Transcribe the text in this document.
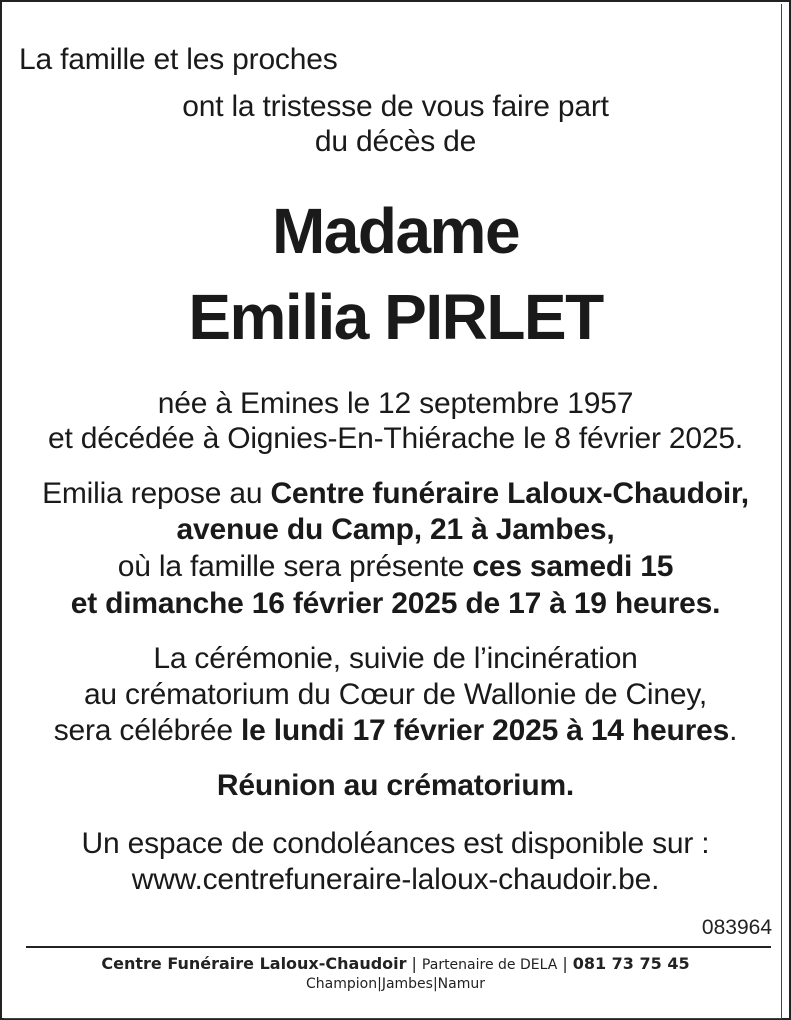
La famille et les proches
ont la tristesse de vous faire part
du décès de
Madame
Emilia PIRLET
née à Emines le 12 septembre 1957
et décédée à Oignies-En-Thiérache le 8 février 2025.
Emilia repose au Centre funéraire Laloux-Chaudoir,
avenue du Camp, 21 à Jambes,
où la famille sera présente ces samedi 15
et dimanche 16 février 2025 de 17 à 19 heures.
La cérémonie, suivie de l’incinération
au crématorium du Cœur de Wallonie de Ciney,
sera célébrée le lundi 17 février 2025 à 14 heures.
Réunion au crématorium.
Un espace de condoléances est disponible sur :
www.centrefuneraire-laloux-chaudoir.be.
083964
Centre Funéraire Laloux-Chaudoir | Partenaire de DELA | 081 73 75 45
Champion|Jambes|Namur
